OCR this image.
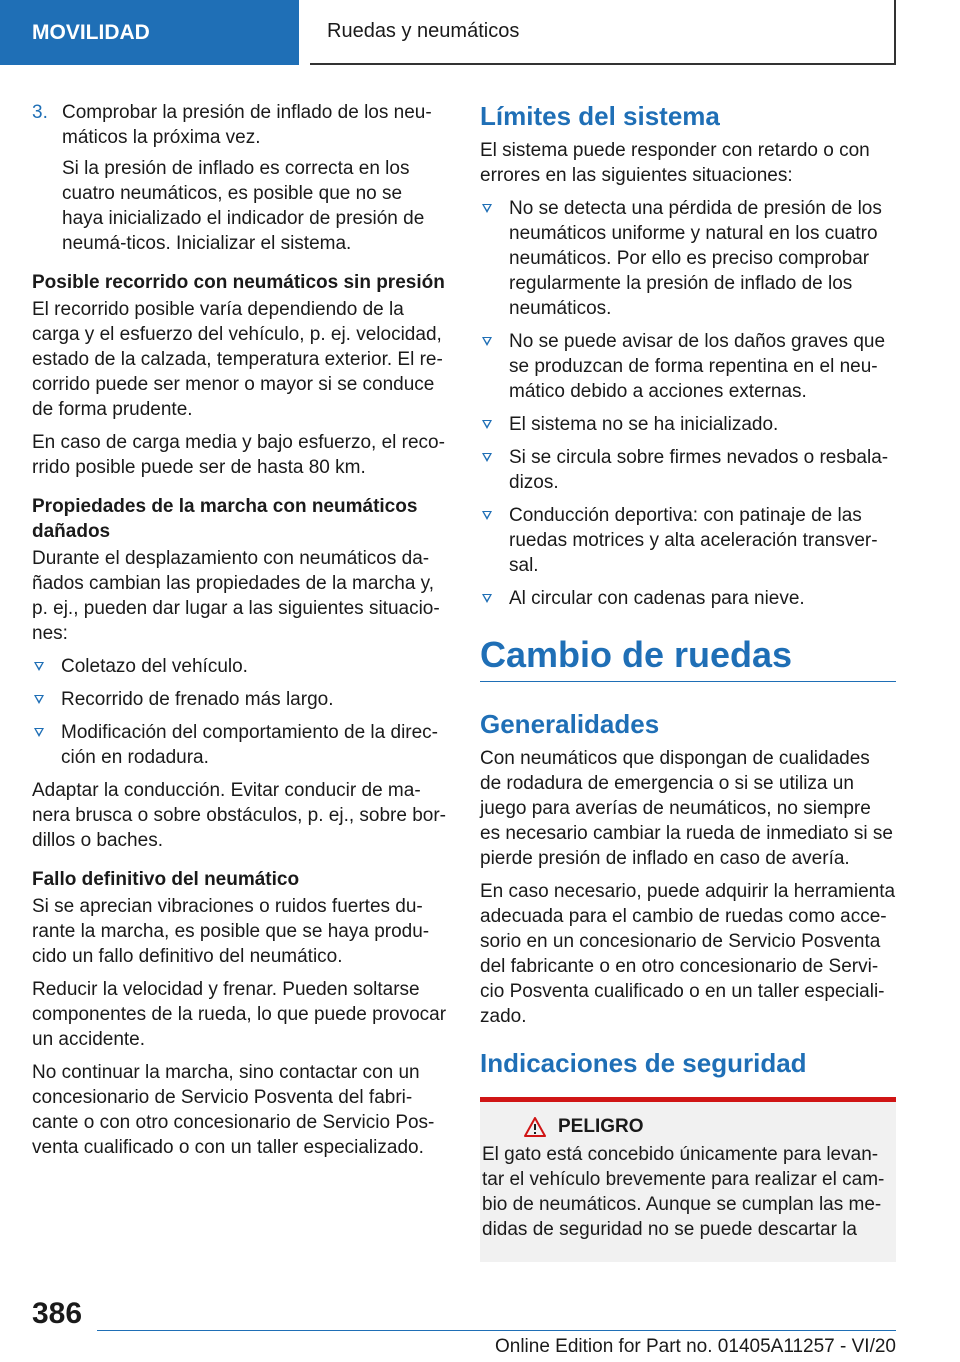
MOVILIDAD	Ruedas y neumáticos
3. Comprobar la presión de inflado de los neu-máticos la próxima vez.

Si la presión de inflado es correcta en los cuatro neumáticos, es posible que no se haya inicializado el indicador de presión de neumá-ticos. Inicializar el sistema.

Posible recorrido con neumáticos sin presión

El recorrido posible varía dependiendo de la carga y el esfuerzo del vehículo, p. ej. velocidad, estado de la calzada, temperatura exterior. El re-corrido puede ser menor o mayor si se conduce de forma prudente.

En caso de carga media y bajo esfuerzo, el reco-rrido posible puede ser de hasta 80 km.

Propiedades de la marcha con neumáticos dañados

Durante el desplazamiento con neumáticos da-ñados cambian las propiedades de la marcha y, p. ej., pueden dar lugar a las siguientes situacio-nes:

Coletazo del vehículo.
Recorrido de frenado más largo.
Modificación del comportamiento de la direc-ción en rodadura.

Adaptar la conducción. Evitar conducir de ma-nera brusca o sobre obstáculos, p. ej., sobre bor-dillos o baches.

Fallo definitivo del neumático

Si se aprecian vibraciones o ruidos fuertes du-rante la marcha, es posible que se haya produ-cido un fallo definitivo del neumático.

Reducir la velocidad y frenar. Pueden soltarse componentes de la rueda, lo que puede provocar un accidente.

No continuar la marcha, sino contactar con un concesionario de Servicio Posventa del fabri-cante o con otro concesionario de Servicio Pos-venta cualificado o con un taller especializado.

Límites del sistema

El sistema puede responder con retardo o con errores en las siguientes situaciones:

No se detecta una pérdida de presión de los neumáticos uniforme y natural en los cuatro neumáticos. Por ello es preciso comprobar regularmente la presión de inflado de los neumáticos.
No se puede avisar de los daños graves que se produzcan de forma repentina en el neu-mático debido a acciones externas.
El sistema no se ha inicializado.
Si se circula sobre firmes nevados o resbala-dizos.
Conducción deportiva: con patinaje de las ruedas motrices y alta aceleración transver-sal.
Al circular con cadenas para nieve.
Cambio de ruedas
Generalidades

Con neumáticos que dispongan de cualidades de rodadura de emergencia o si se utiliza un juego para averías de neumáticos, no siempre es necesario cambiar la rueda de inmediato si se pierde presión de inflado en caso de avería.

En caso necesario, puede adquirir la herramienta adecuada para el cambio de ruedas como acce-sorio en un concesionario de Servicio Posventa del fabricante o en otro concesionario de Servi-cio Posventa cualificado o en un taller especiali-zado.

Indicaciones de seguridad
PELIGRO

El gato está concebido únicamente para levan-tar el vehículo brevemente para realizar el cam-bio de neumáticos. Aunque se cumplan las me-didas de seguridad no se puede descartar la

386
Online Edition for Part no. 01405A11257 - VI/20
